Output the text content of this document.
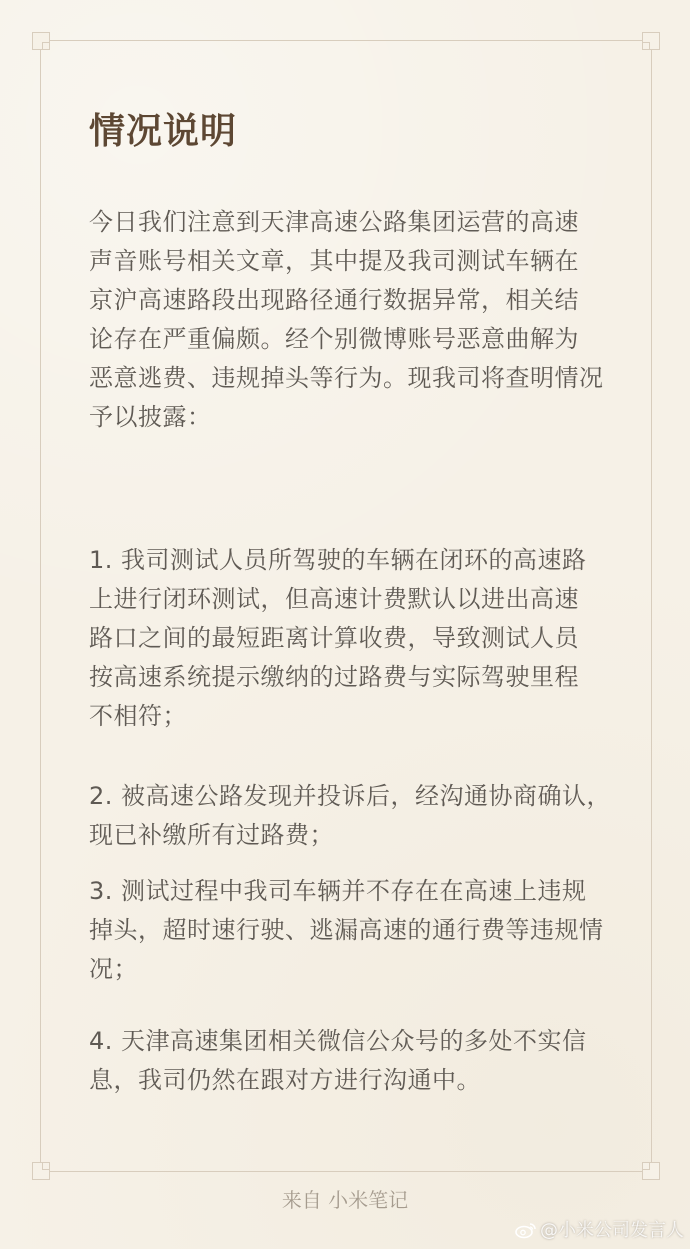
情况说明
今日我们注意到天津高速公路集团运营的高速
声音账号相关文章，其中提及我司测试车辆在
京沪高速路段出现路径通行数据异常，相关结
论存在严重偏颇。经个别微博账号恶意曲解为
恶意逃费、违规掉头等行为。现我司将查明情况
予以披露：
1. 我司测试人员所驾驶的车辆在闭环的高速路
上进行闭环测试，但高速计费默认以进出高速
路口之间的最短距离计算收费，导致测试人员
按高速系统提示缴纳的过路费与实际驾驶里程
不相符；
2. 被高速公路发现并投诉后，经沟通协商确认，
现已补缴所有过路费；
3. 测试过程中我司车辆并不存在在高速上违规
掉头，超时速行驶、逃漏高速的通行费等违规情
况；
4. 天津高速集团相关微信公众号的多处不实信
息，我司仍然在跟对方进行沟通中。
来自 小米笔记
@小米公司发言人
